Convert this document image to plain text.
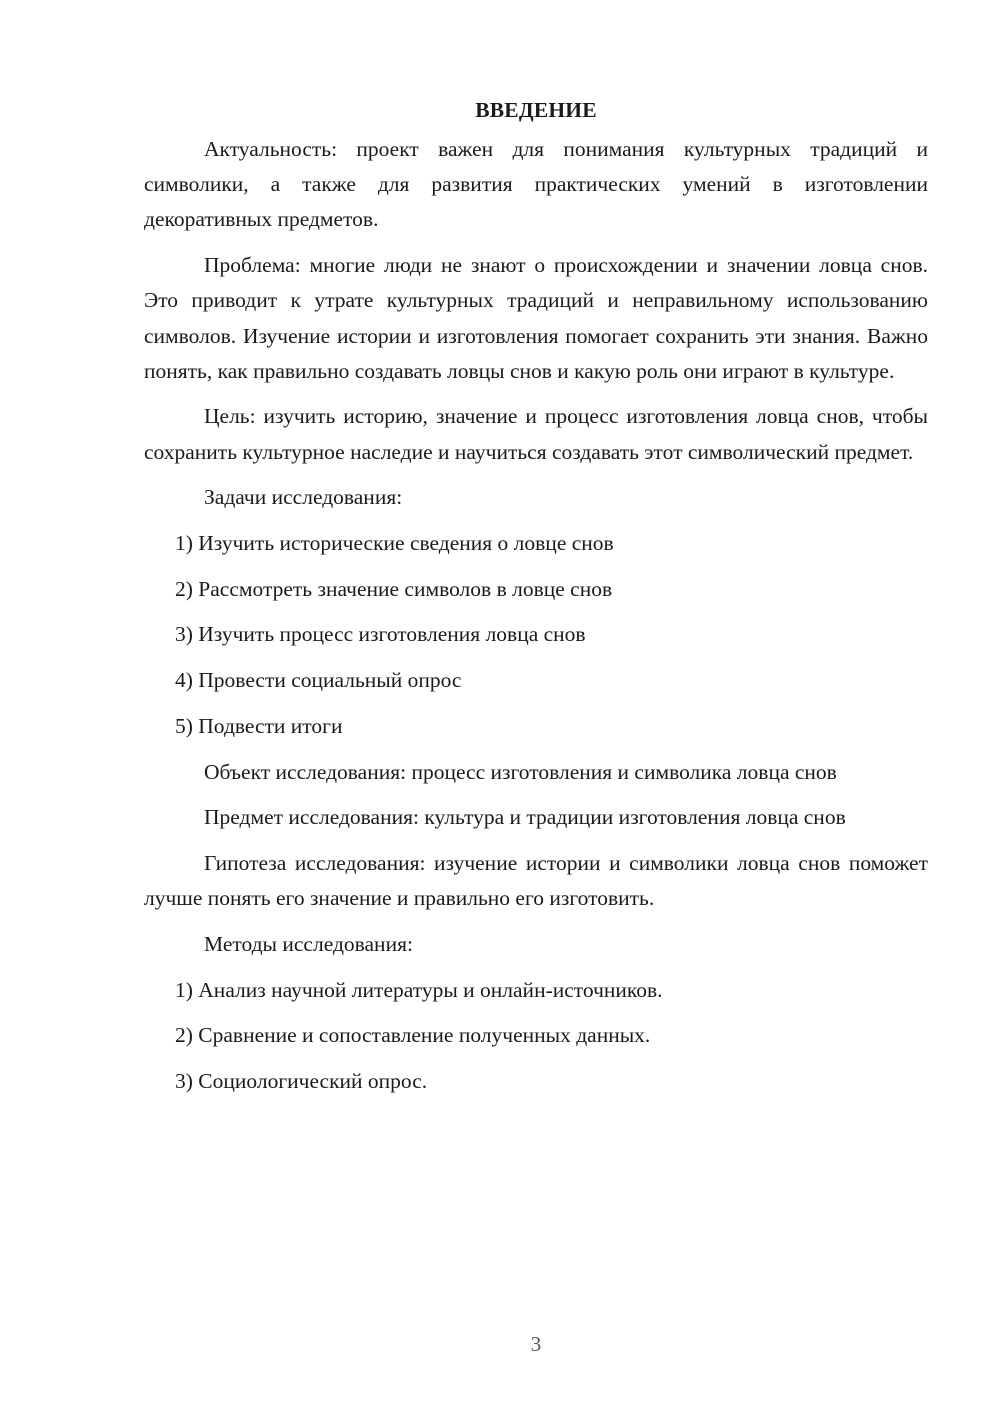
ВВЕДЕНИЕ

Актуальность: проект важен для понимания культурных традиций и символики, а также для развития практических умений в изготовлении декоративных предметов.

Проблема: многие люди не знают о происхождении и значении ловца снов. Это приводит к утрате культурных традиций и неправильному использованию символов. Изучение истории и изготовления помогает сохранить эти знания. Важно понять, как правильно создавать ловцы снов и какую роль они играют в культуре.

Цель: изучить историю, значение и процесс изготовления ловца снов, чтобы сохранить культурное наследие и научиться создавать этот символический предмет.

Задачи исследования:

1) Изучить исторические сведения о ловце снов

2) Рассмотреть значение символов в ловце снов

3) Изучить процесс изготовления ловца снов

4) Провести социальный опрос

5) Подвести итоги

Объект исследования: процесс изготовления и символика ловца снов

Предмет исследования: культура и традиции изготовления ловца снов

Гипотеза исследования: изучение истории и символики ловца снов поможет лучше понять его значение и правильно его изготовить.

Методы исследования:

1) Анализ научной литературы и онлайн-источников.

2) Сравнение и сопоставление полученных данных.

3) Социологический опрос.

3
